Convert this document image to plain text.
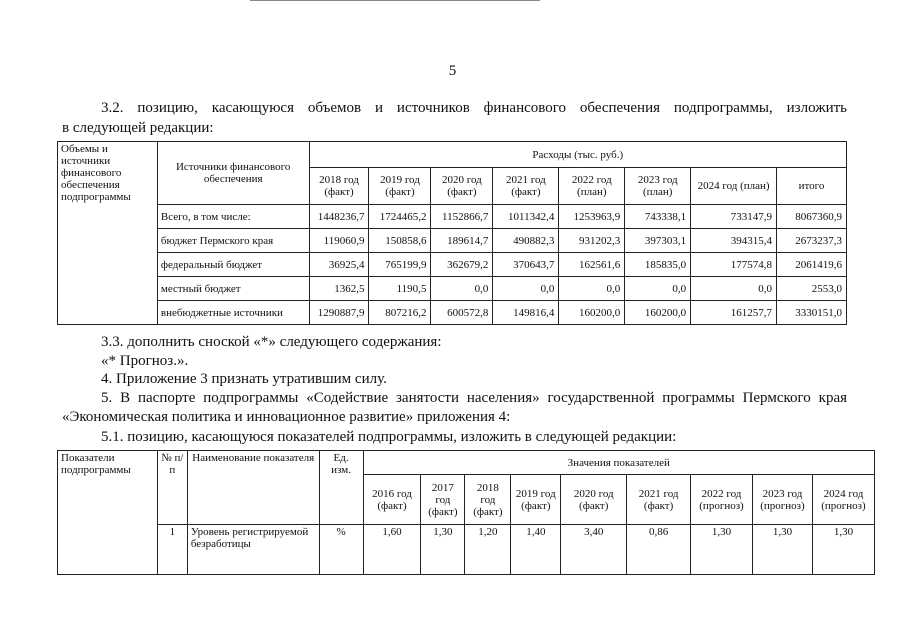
5
3.2. позицию, касающуюся объемов и источников финансового обеспечения подпрограммы, изложить
в следующей редакции:
Объемы и источники финансового обеспечения подпрограммы	Источники финансового обеспечения	Расходы (тыс. руб.)							
		2018 год (факт)	2019 год (факт)	2020 год (факт)	2021 год (факт)	2022 год (план)	2023 год (план)	2024 год (план)	итого
	Всего, в том числе:	1448236,7	1724465,2	1152866,7	1011342,4	1253963,9	743338,1	733147,9	8067360,9
	бюджет Пермского края	119060,9	150858,6	189614,7	490882,3	931202,3	397303,1	394315,4	2673237,3
	федеральный бюджет	36925,4	765199,9	362679,2	370643,7	162561,6	185835,0	177574,8	2061419,6
	местный бюджет	1362,5	1190,5	0,0	0,0	0,0	0,0	0,0	2553,0
	внебюджетные источники	1290887,9	807216,2	600572,8	149816,4	160200,0	160200,0	161257,7	3330151,0
3.3. дополнить сноской «*» следующего содержания:
«* Прогноз.».
4. Приложение 3 признать утратившим силу.
5. В паспорте подпрограммы «Содействие занятости населения» государственной программы Пермского края
«Экономическая политика и инновационное развитие» приложения 4:
5.1. позицию, касающуюся показателей подпрограммы, изложить в следующей редакции:
Показатели подпрограммы	№ п/п	Наименование показателя	Ед. изм.	Значения показателей								
				2016 год (факт)	2017 год (факт)	2018 год (факт)	2019 год (факт)	2020 год (факт)	2021 год (факт)	2022 год (прогноз)	2023 год (прогноз)	2024 год (прогноз)
	1	Уровень регистрируемой безработицы	%	1,60	1,30	1,20	1,40	3,40	0,86	1,30	1,30	1,30
